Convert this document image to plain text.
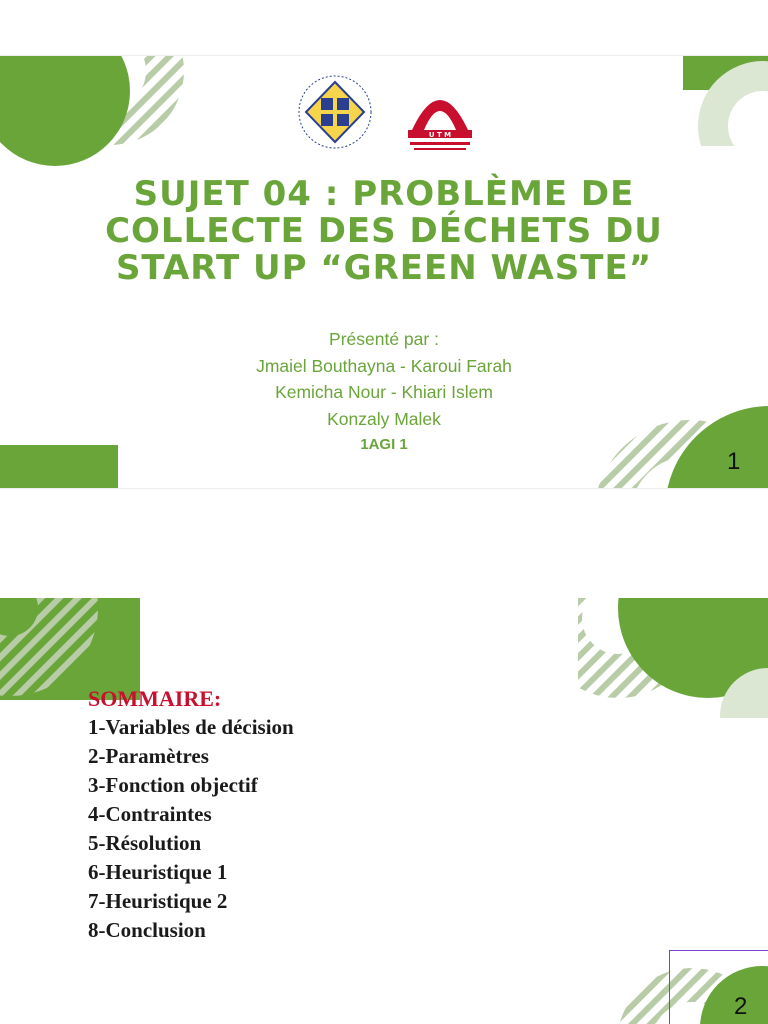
U T M
SUJET 04 : PROBLÈME DE
COLLECTE DES DÉCHETS DU
START UP “GREEN WASTE”
Présenté par :
Jmaiel Bouthayna - Karoui Farah
Kemicha Nour - Khiari Islem
Konzaly Malek
1AGI 1
1
SOMMAIRE:
1-Variables de décision
2-Paramètres
3-Fonction objectif
4-Contraintes
5-Résolution
6-Heuristique 1
7-Heuristique 2
8-Conclusion
2
